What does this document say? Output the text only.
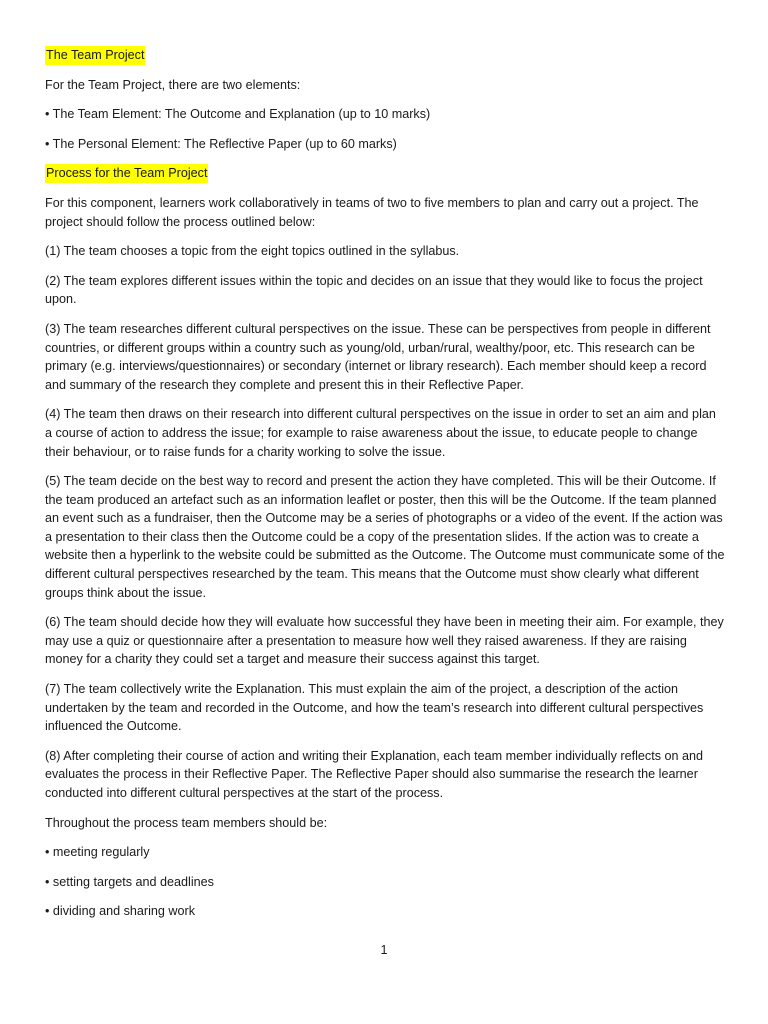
The Team Project

For the Team Project, there are two elements:

• The Team Element: The Outcome and Explanation (up to 10 marks)

• The Personal Element: The Reflective Paper (up to 60 marks)

Process for the Team Project

For this component, learners work collaboratively in teams of two to five members to plan and carry out a project. The project should follow the process outlined below:

(1) The team chooses a topic from the eight topics outlined in the syllabus.

(2) The team explores different issues within the topic and decides on an issue that they would like to focus the project upon.

(3) The team researches different cultural perspectives on the issue. These can be perspectives from people in different countries, or different groups within a country such as young/old, urban/rural, wealthy/poor, etc. This research can be primary (e.g. interviews/questionnaires) or secondary (internet or library research). Each member should keep a record and summary of the research they complete and present this in their Reflective Paper.

(4) The team then draws on their research into different cultural perspectives on the issue in order to set an aim and plan a course of action to address the issue; for example to raise awareness about the issue, to educate people to change their behaviour, or to raise funds for a charity working to solve the issue.

(5) The team decide on the best way to record and present the action they have completed. This will be their Outcome. If the team produced an artefact such as an information leaflet or poster, then this will be the Outcome. If the team planned an event such as a fundraiser, then the Outcome may be a series of photographs or a video of the event. If the action was a presentation to their class then the Outcome could be a copy of the presentation slides. If the action was to create a website then a hyperlink to the website could be submitted as the Outcome. The Outcome must communicate some of the different cultural perspectives researched by the team. This means that the Outcome must show clearly what different groups think about the issue.

(6) The team should decide how they will evaluate how successful they have been in meeting their aim. For example, they may use a quiz or questionnaire after a presentation to measure how well they raised awareness. If they are raising money for a charity they could set a target and measure their success against this target.

(7) The team collectively write the Explanation. This must explain the aim of the project, a description of the action undertaken by the team and recorded in the Outcome, and how the team’s research into different cultural perspectives influenced the Outcome.

(8) After completing their course of action and writing their Explanation, each team member individually reflects on and evaluates the process in their Reflective Paper. The Reflective Paper should also summarise the research the learner conducted into different cultural perspectives at the start of the process.

Throughout the process team members should be:

• meeting regularly

• setting targets and deadlines

• dividing and sharing work

1
